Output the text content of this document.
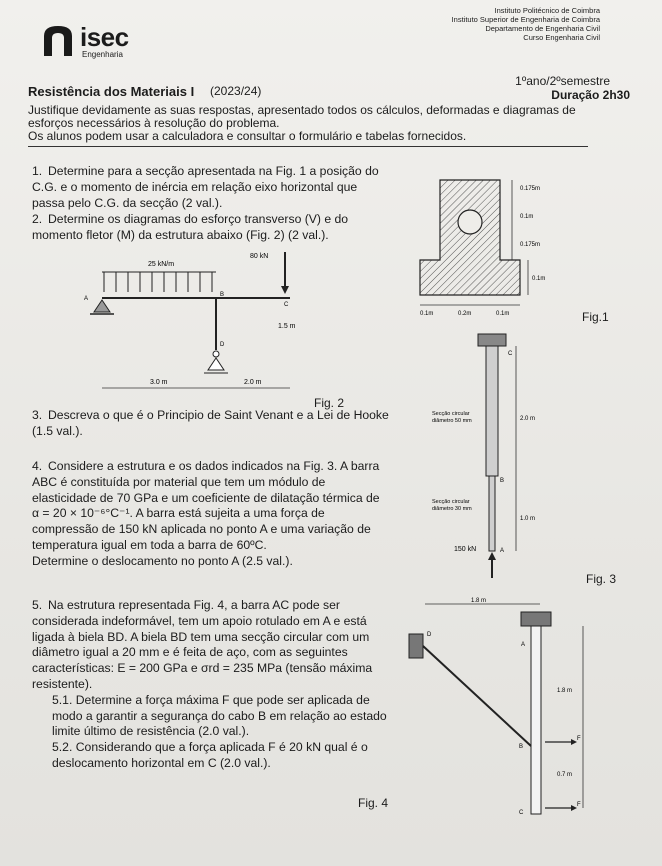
isec
Engenharia
Instituto Politécnico de Coimbra
Instituto Superior de Engenharia de Coimbra
Departamento de Engenharia Civil
Curso Engenharia Civil
Resistência dos Materiais I (2023/24)
1ºano/2ºsemestre
Duração 2h30
Justifique devidamente as suas respostas, apresentado todos os cálculos, deformadas e diagramas de esforços necessários à resolução do problema.
Os alunos podem usar a calculadora e consultar o formulário e tabelas fornecidos.
1. Determine para a secção apresentada na Fig. 1 a posição do C.G. e o momento de inércia em relação eixo horizontal que passa pelo C.G. da secção (2 val.).
2. Determine os diagramas do esforço transverso (V) e do momento fletor (M) da estrutura abaixo (Fig. 2) (2 val.).
3. Descreva o que é o Principio de Saint Venant e a Lei de Hooke (1.5 val.).
4. Considere a estrutura e os dados indicados na Fig. 3. A barra ABC é constituída por material que tem um módulo de elasticidade de 70 GPa e um coeficiente de dilatação térmica de
α = 20 × 10⁻⁶°C⁻¹. A barra está sujeita a uma força de compressão de 150 kN aplicada no ponto A e uma variação de temperatura igual em toda a barra de 60ºC.
Determine o deslocamento no ponto A (2.5 val.).
5. Na estrutura representada Fig. 4, a barra AC pode ser considerada indeformável, tem um apoio rotulado em A e está ligada à biela BD. A biela BD tem uma secção circular com um diâmetro igual a 20 mm e é feita de aço, com as seguintes características: E = 200 GPa e σrd = 235 MPa (tensão máxima resistente).
5.1. Determine a força máxima F que pode ser aplicada de modo a garantir a segurança do cabo B em relação ao estado limite último de resistência (2.0 val.).
5.2. Considerando que a força aplicada F é 20 kN qual é o deslocamento horizontal em C (2.0 val.).
0.175m
0.1m
0.175m
0.1m
0.1m	0.2m	0.1m	Fig.1
25 kN/m
80 kN
A
B
C
D
1.5 m
3.0 m	2.0 m
Fig. 2
C
B
A
Secção circular
diâmetro 50 mm
Secção circular
diâmetro 30 mm
2.0 m
1.0 m
150 kN
Fig. 3
1.8 m
D
A
B
F
F
C
1.8 m
0.7 m
Fig. 4
